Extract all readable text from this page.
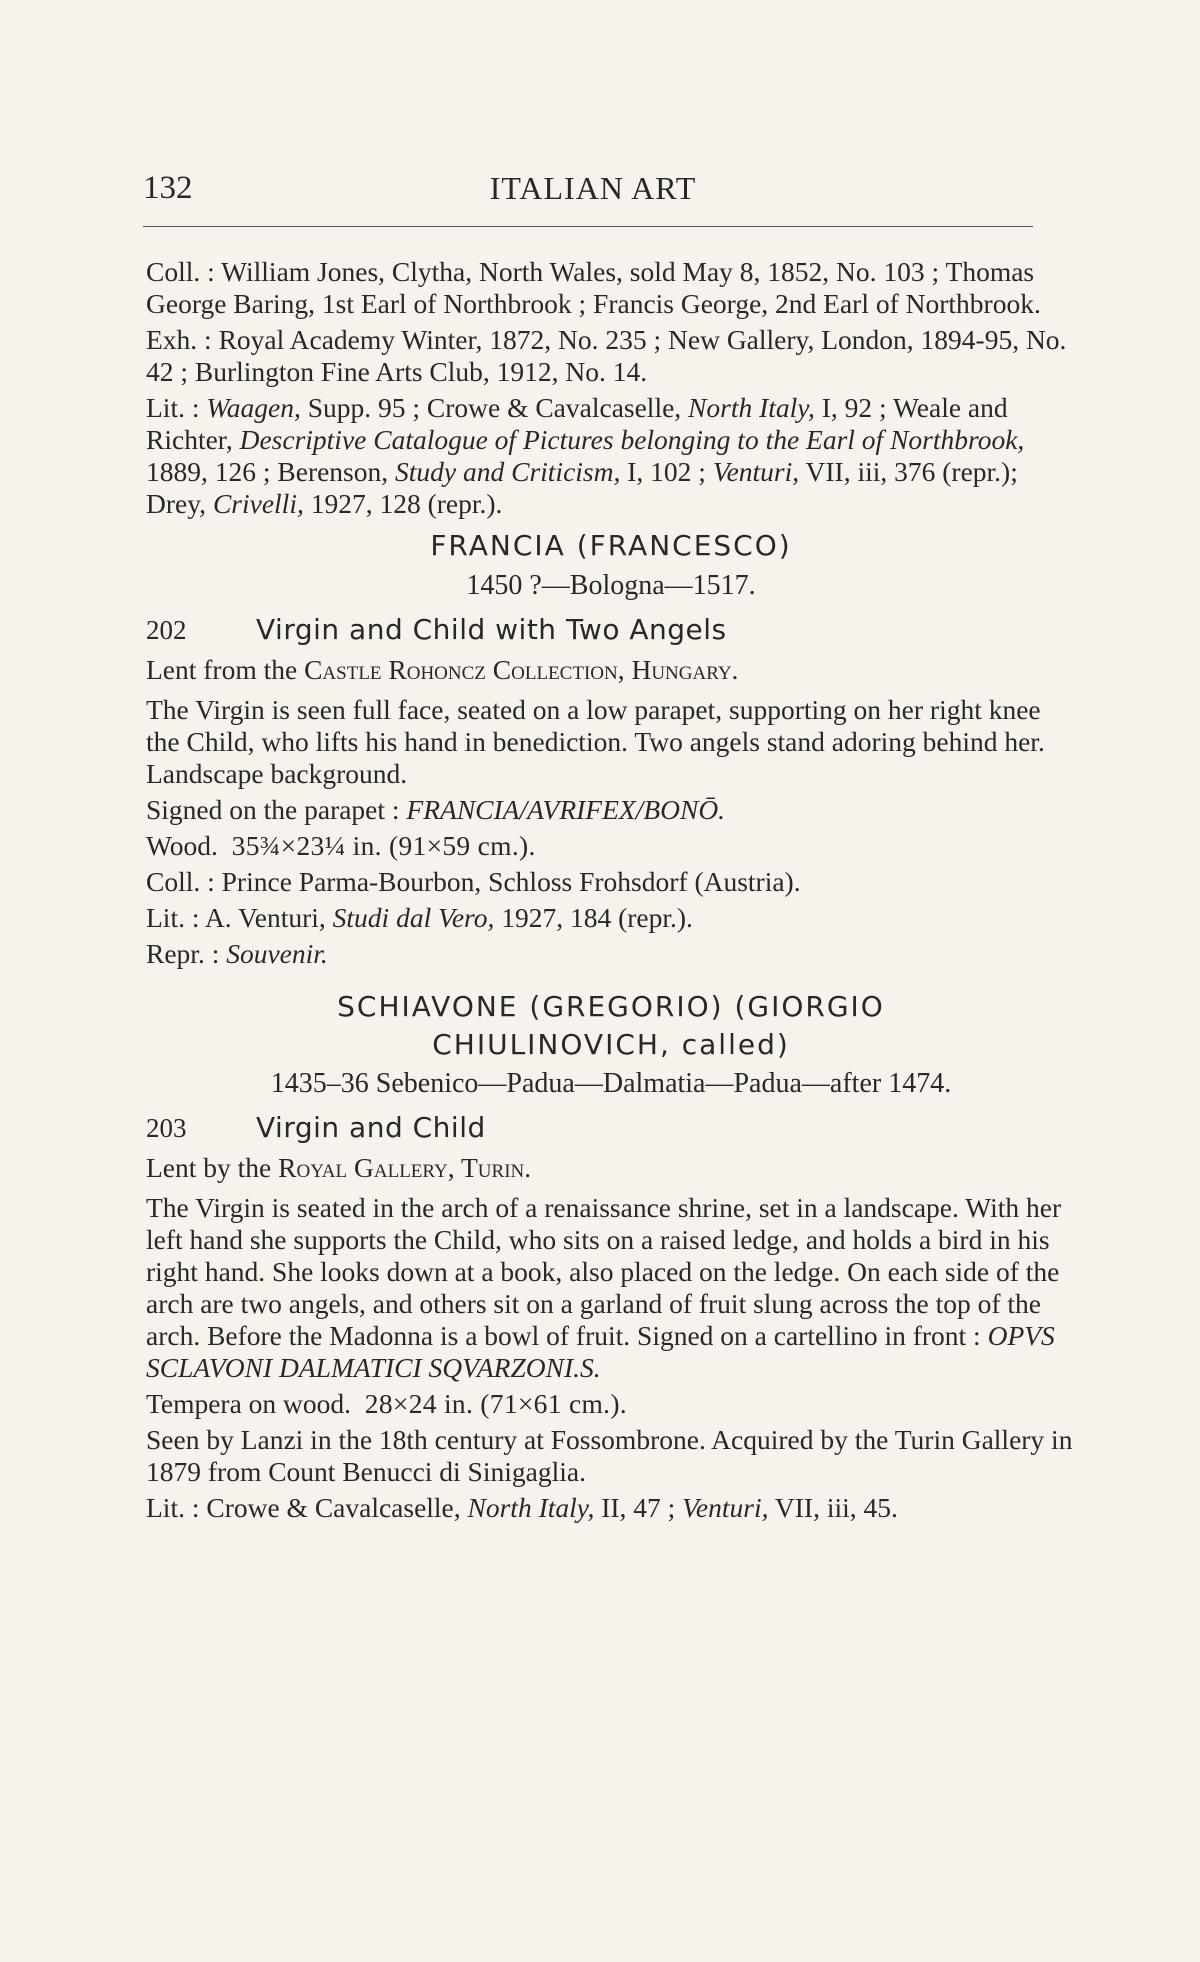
132	ITALIAN ART

Coll. : William Jones, Clytha, North Wales, sold May 8, 1852, No. 103 ; Thomas George Baring, 1st Earl of Northbrook ; Francis George, 2nd Earl of Northbrook.

Exh. : Royal Academy Winter, 1872, No. 235 ; New Gallery, London, 1894-95, No. 42 ; Burlington Fine Arts Club, 1912, No. 14.

Lit. : Waagen, Supp. 95 ; Crowe & Cavalcaselle, North Italy, I, 92 ; Weale and Richter, Descriptive Catalogue of Pictures belonging to the Earl of Northbrook, 1889, 126 ; Berenson, Study and Criticism, I, 102 ; Venturi, VII, iii, 376 (repr.); Drey, Crivelli, 1927, 128 (repr.).

FRANCIA (FRANCESCO)
1450 ?—Bologna—1517.
202	Virgin and Child with Two Angels

Lent from the Castle Rohoncz Collection, Hungary.

The Virgin is seen full face, seated on a low parapet, supporting on her right knee the Child, who lifts his hand in benediction. Two angels stand adoring behind her. Landscape background.

Signed on the parapet : FRANCIA/AVRIFEX/BONŌ.

Wood. 35¾×23¼ in. (91×59 cm.).

Coll. : Prince Parma-Bourbon, Schloss Frohsdorf (Austria).

Lit. : A. Venturi, Studi dal Vero, 1927, 184 (repr.).

Repr. : Souvenir.

SCHIAVONE (GREGORIO) (GIORGIO
CHIULINOVICH, called)
1435–36 Sebenico—Padua—Dalmatia—Padua—after 1474.
203	Virgin and Child

Lent by the Royal Gallery, Turin.

The Virgin is seated in the arch of a renaissance shrine, set in a landscape. With her left hand she supports the Child, who sits on a raised ledge, and holds a bird in his right hand. She looks down at a book, also placed on the ledge. On each side of the arch are two angels, and others sit on a garland of fruit slung across the top of the arch. Before the Madonna is a bowl of fruit. Signed on a cartellino in front : OPVS SCLAVONI DALMATICI SQVARZONI.S.

Tempera on wood. 28×24 in. (71×61 cm.).

Seen by Lanzi in the 18th century at Fossombrone. Acquired by the Turin Gallery in 1879 from Count Benucci di Sinigaglia.

Lit. : Crowe & Cavalcaselle, North Italy, II, 47 ; Venturi, VII, iii, 45.
